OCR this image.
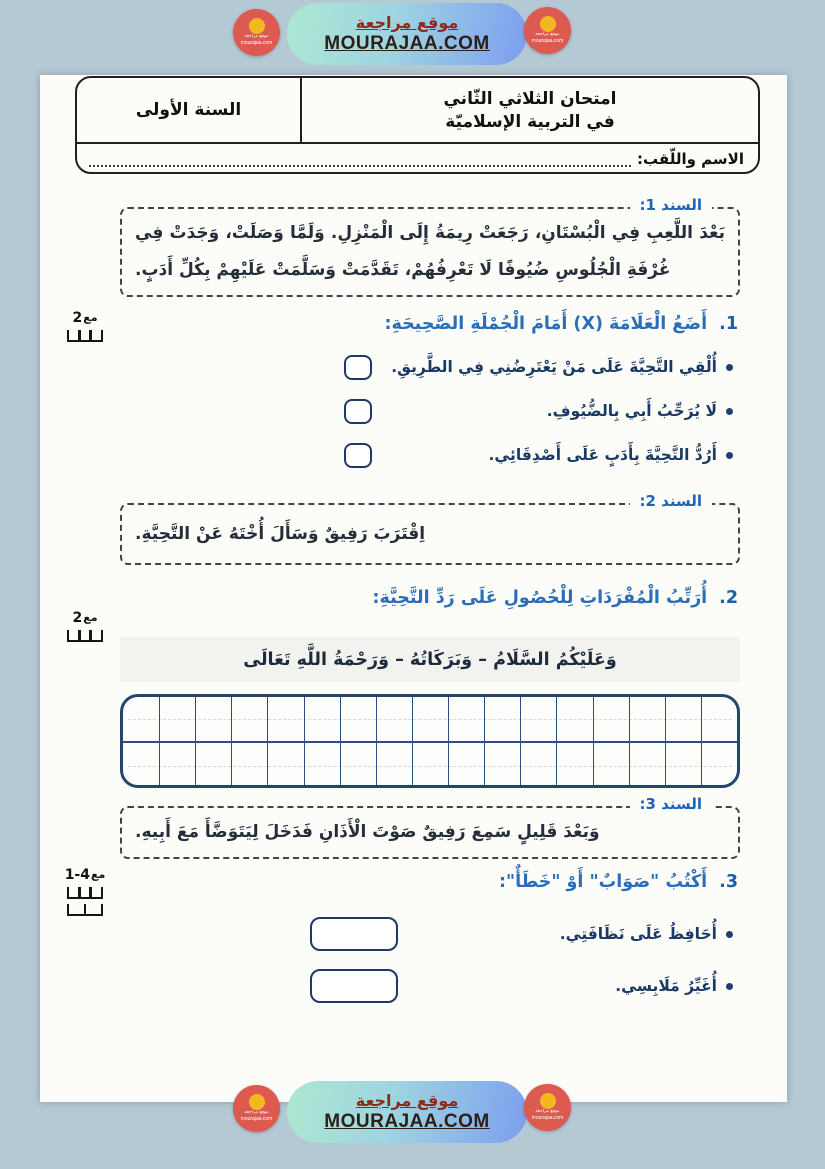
موقع مراجعة
MOURAJAA.COM
موقع مراجعة
mourajaa.com
موقع مراجعة
mourajaa.com
السنة الأولى
امتحان الثلاثي الثّاني
في التربية الإسلاميّة
الاسم واللّقب:
السند 1:
بَعْدَ اللَّعِبِ فِي الْبُسْتَانِ، رَجَعَتْ رِيمَةُ إِلَى الْمَنْزِلِ. وَلَمَّا وَصَلَتْ، وَجَدَتْ فِي غُرْفَةِ الْجُلُوسِ ضُيُوفًا لَا تَعْرِفُهُمْ، تَقَدَّمَتْ وَسَلَّمَتْ عَلَيْهِمْ بِكُلِّ أَدَبٍ.
.1
أَضَعُ الْعَلَامَةَ (X) أَمَامَ الْجُمْلَةِ الصَّحِيحَةِ:
أُلْقِي التَّحِيَّةَ عَلَى مَنْ يَعْتَرِضُنِي فِي الطَّرِيقِ.
لَا يُرَحِّبُ أَبِي بِالضُّيُوفِ.
أَرُدُّ التَّحِيَّةَ بِأَدَبٍ عَلَى أَصْدِقَائِي.
السند 2:
اِقْتَرَبَ رَفِيقٌ وَسَأَلَ أُخْتَهُ عَنْ التَّحِيَّةِ.
.2
أُرَتِّبُ الْمُفْرَدَاتِ لِلْحُصُولِ عَلَى رَدِّ التَّحِيَّةِ:
وَعَلَيْكُمُ السَّلَامُ – وَبَرَكَاتُهُ – وَرَحْمَةُ اللَّهِ تَعَالَى
السند 3:
وَبَعْدَ قَلِيلٍ سَمِعَ رَفِيقٌ صَوْتَ الْأَذَانِ فَدَخَلَ لِيَتَوَضَّأَ مَعَ أَبِيهِ.
.3
أَكْتُبُ "صَوَابٌ" أَوْ "خَطَأٌ":
أُحَافِظُ عَلَى نَظَافَتِي.
أُغَيِّرُ مَلَابِسِي.
2 مع
2 مع
1-4 مع
موقع مراجعة
MOURAJAA.COM
موقع مراجعة
mourajaa.com
موقع مراجعة
mourajaa.com
